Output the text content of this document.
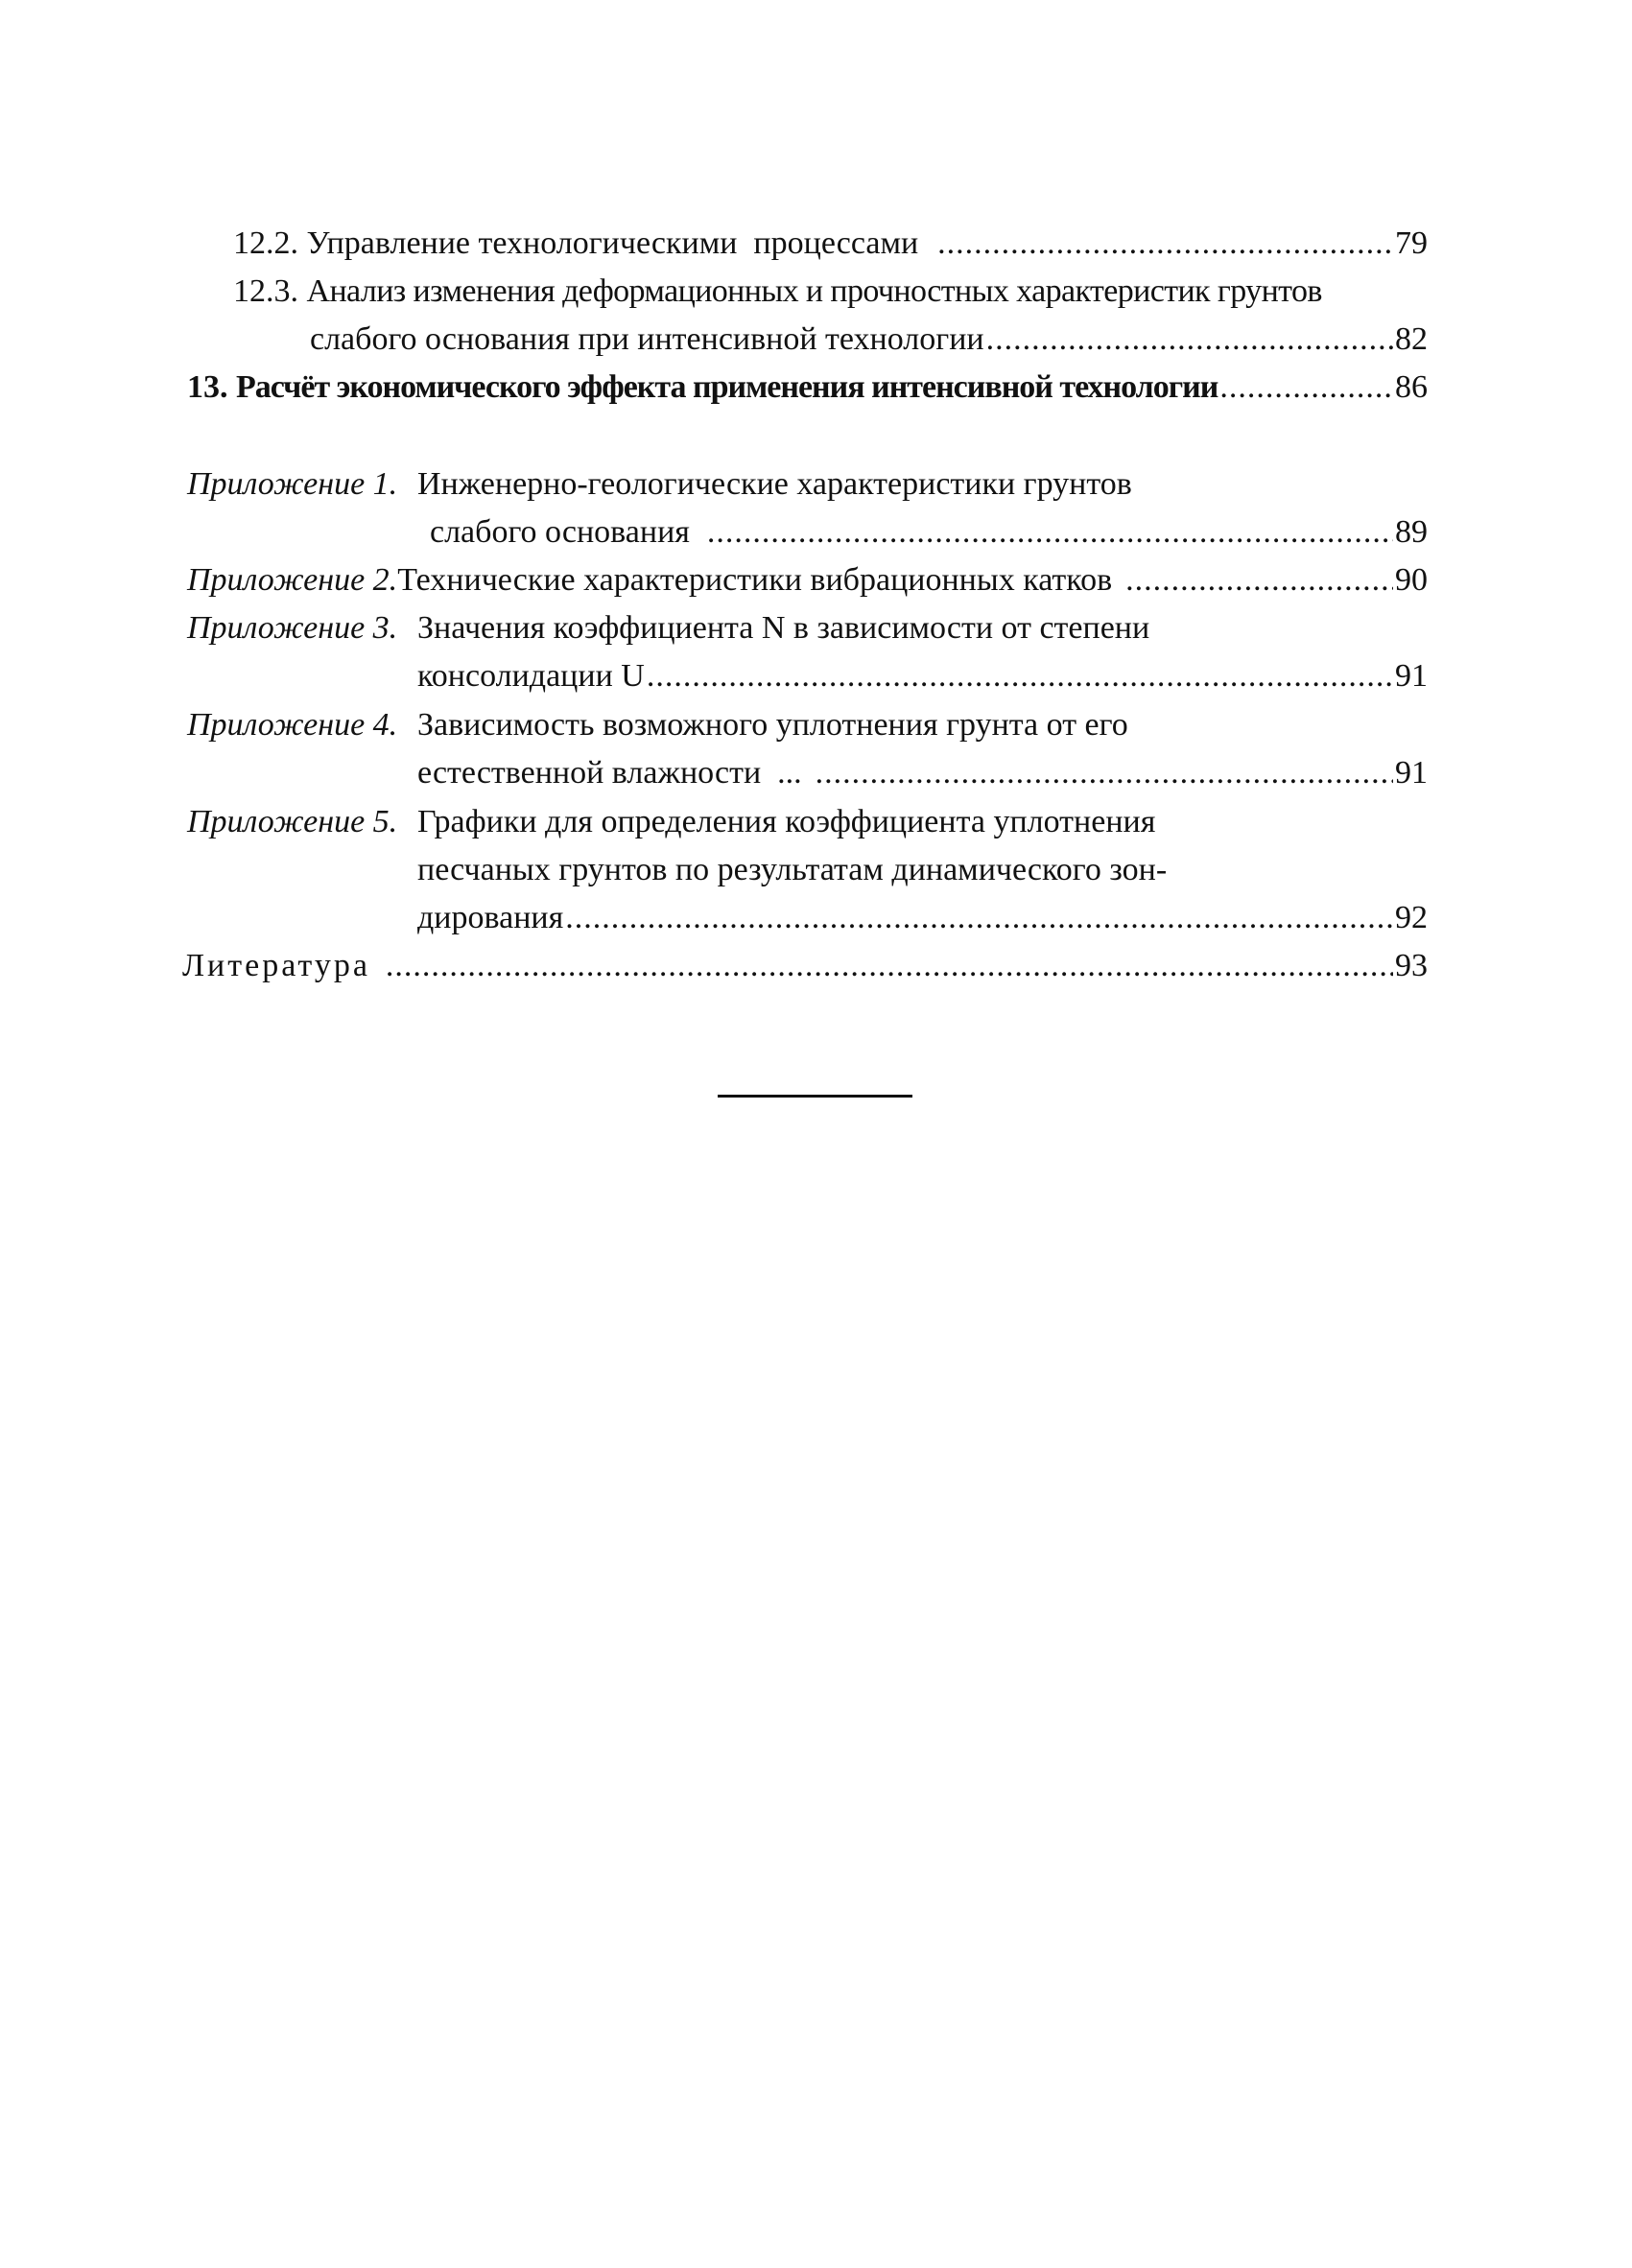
12.2.
Управление технологическими  процессами .....	79
12.3.
Анализ изменения деформационных и прочностных характеристик грунтов
слабого основания при интенсивной технологии .....	82
13.
Расчёт экономического эффекта применения интенсивной технологии .....	86
Приложение 1. Инженерно-геологические характеристики грунтов
слабого основания .....	89
Приложение 2. Технические характеристики вибрационных катков .....	90
Приложение 3. Значения коэффициента N в зависимости от степени
консолидации U .....	91
Приложение 4. Зависимость возможного уплотнения грунта от его
естественной влажности  ... .....	91
Приложение 5. Графики для определения коэффициента уплотнения
песчаных грунтов по результатам динамического зон-
дирования .....	92
Литература .....	93
